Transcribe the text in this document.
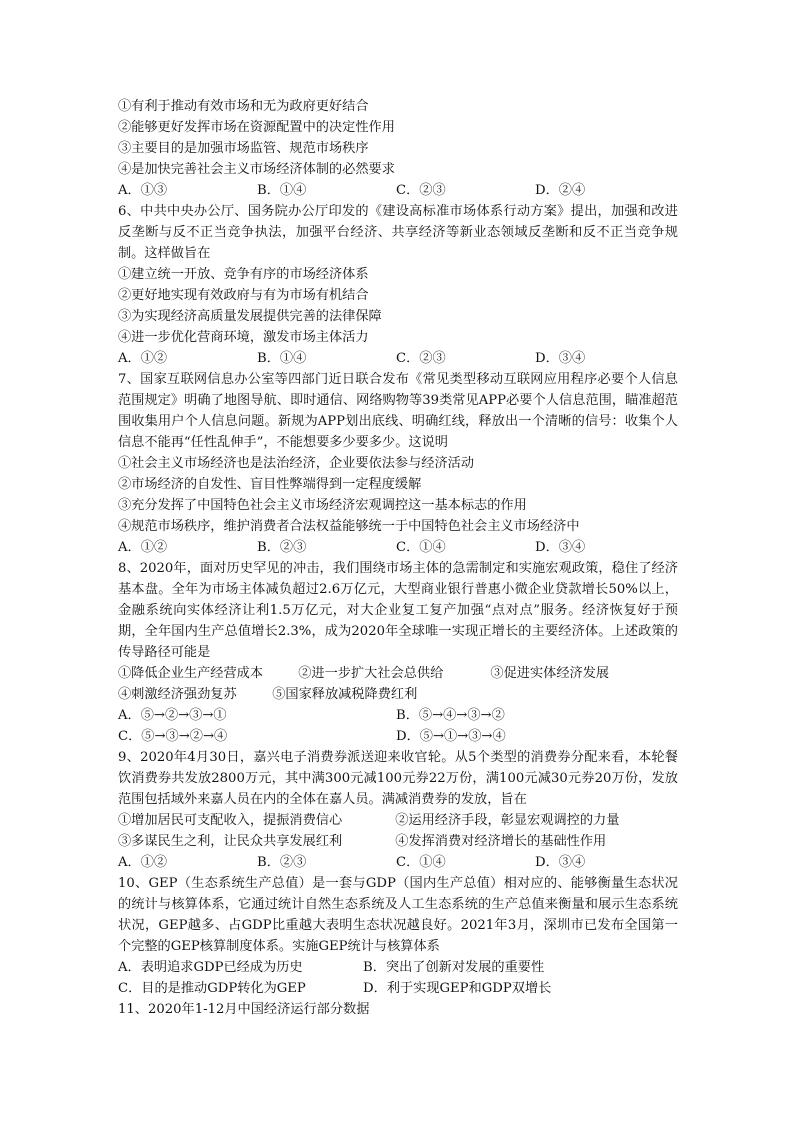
①有利于推动有效市场和无为政府更好结合
②能够更好发挥市场在资源配置中的决定性作用
③主要目的是加强市场监管、规范市场秩序
④是加快完善社会主义市场经济体制的必然要求
A．①③	B．①④	C．②③	D．②④
6、中共中央办公厅、国务院办公厅印发的《建设高标准市场体系行动方案》提出，加强和改进反垄断与反不正当竞争执法，加强平台经济、共享经济等新业态领域反垄断和反不正当竞争规制。这样做旨在
①建立统一开放、竞争有序的市场经济体系
②更好地实现有效政府与有为市场有机结合
③为实现经济高质量发展提供完善的法律保障
④进一步优化营商环境，激发市场主体活力
A．①②	B．①④	C．②③	D．③④
7、国家互联网信息办公室等四部门近日联合发布《常见类型移动互联网应用程序必要个人信息范围规定》明确了地图导航、即时通信、网络购物等39类常见APP必要个人信息范围，瞄准超范围收集用户个人信息问题。新规为APP划出底线、明确红线，释放出一个清晰的信号：收集个人信息不能再“任性乱伸手”，不能想要多少要多少。这说明
①社会主义市场经济也是法治经济，企业要依法参与经济活动
②市场经济的自发性、盲目性弊端得到一定程度缓解
③充分发挥了中国特色社会主义市场经济宏观调控这一基本标志的作用
④规范市场秩序，维护消费者合法权益能够统一于中国特色社会主义市场经济中
A．①②	B．②③	C．①④	D．③④
8、2020年，面对历史罕见的冲击，我们围绕市场主体的急需制定和实施宏观政策，稳住了经济基本盘。全年为市场主体减负超过2.6万亿元，大型商业银行普惠小微企业贷款增长50%以上，金融系统向实体经济让利1.5万亿元，对大企业复工复产加强“点对点”服务。经济恢复好于预期，全年国内生产总值增长2.3%，成为2020年全球唯一实现正增长的主要经济体。上述政策的传导路径可能是
①降低企业生产经营成本	②进一步扩大社会总供给	③促进实体经济发展
④刺激经济强劲复苏	⑤国家释放减税降费红利
A．⑤→②→③→①	B．⑤→④→③→②
C．⑤→③→②→④	D．⑤→①→③→④
9、2020年4月30日，嘉兴电子消费券派送迎来收官轮。从5个类型的消费券分配来看，本轮餐饮消费券共发放2800万元，其中满300元减100元券22万份，满100元减30元券20万份，发放范围包括域外来嘉人员在内的全体在嘉人员。满减消费券的发放，旨在
①增加居民可支配收入，提振消费信心	②运用经济手段，彰显宏观调控的力量
③多谋民生之利，让民众共享发展红利	④发挥消费对经济增长的基础性作用
A．①②	B．②③	C．①④	D．③④
10、GEP（生态系统生产总值）是一套与GDP（国内生产总值）相对应的、能够衡量生态状况的统计与核算体系，它通过统计自然生态系统及人工生态系统的生产总值来衡量和展示生态系统状况，GEP越多、占GDP比重越大表明生态状况越良好。2021年3月，深圳市已发布全国第一个完整的GEP核算制度体系。实施GEP统计与核算体系
A．表明追求GDP已经成为历史	B．突出了创新对发展的重要性
C．目的是推动GDP转化为GEP	D．利于实现GEP和GDP双增长
11、2020年1-12月中国经济运行部分数据
